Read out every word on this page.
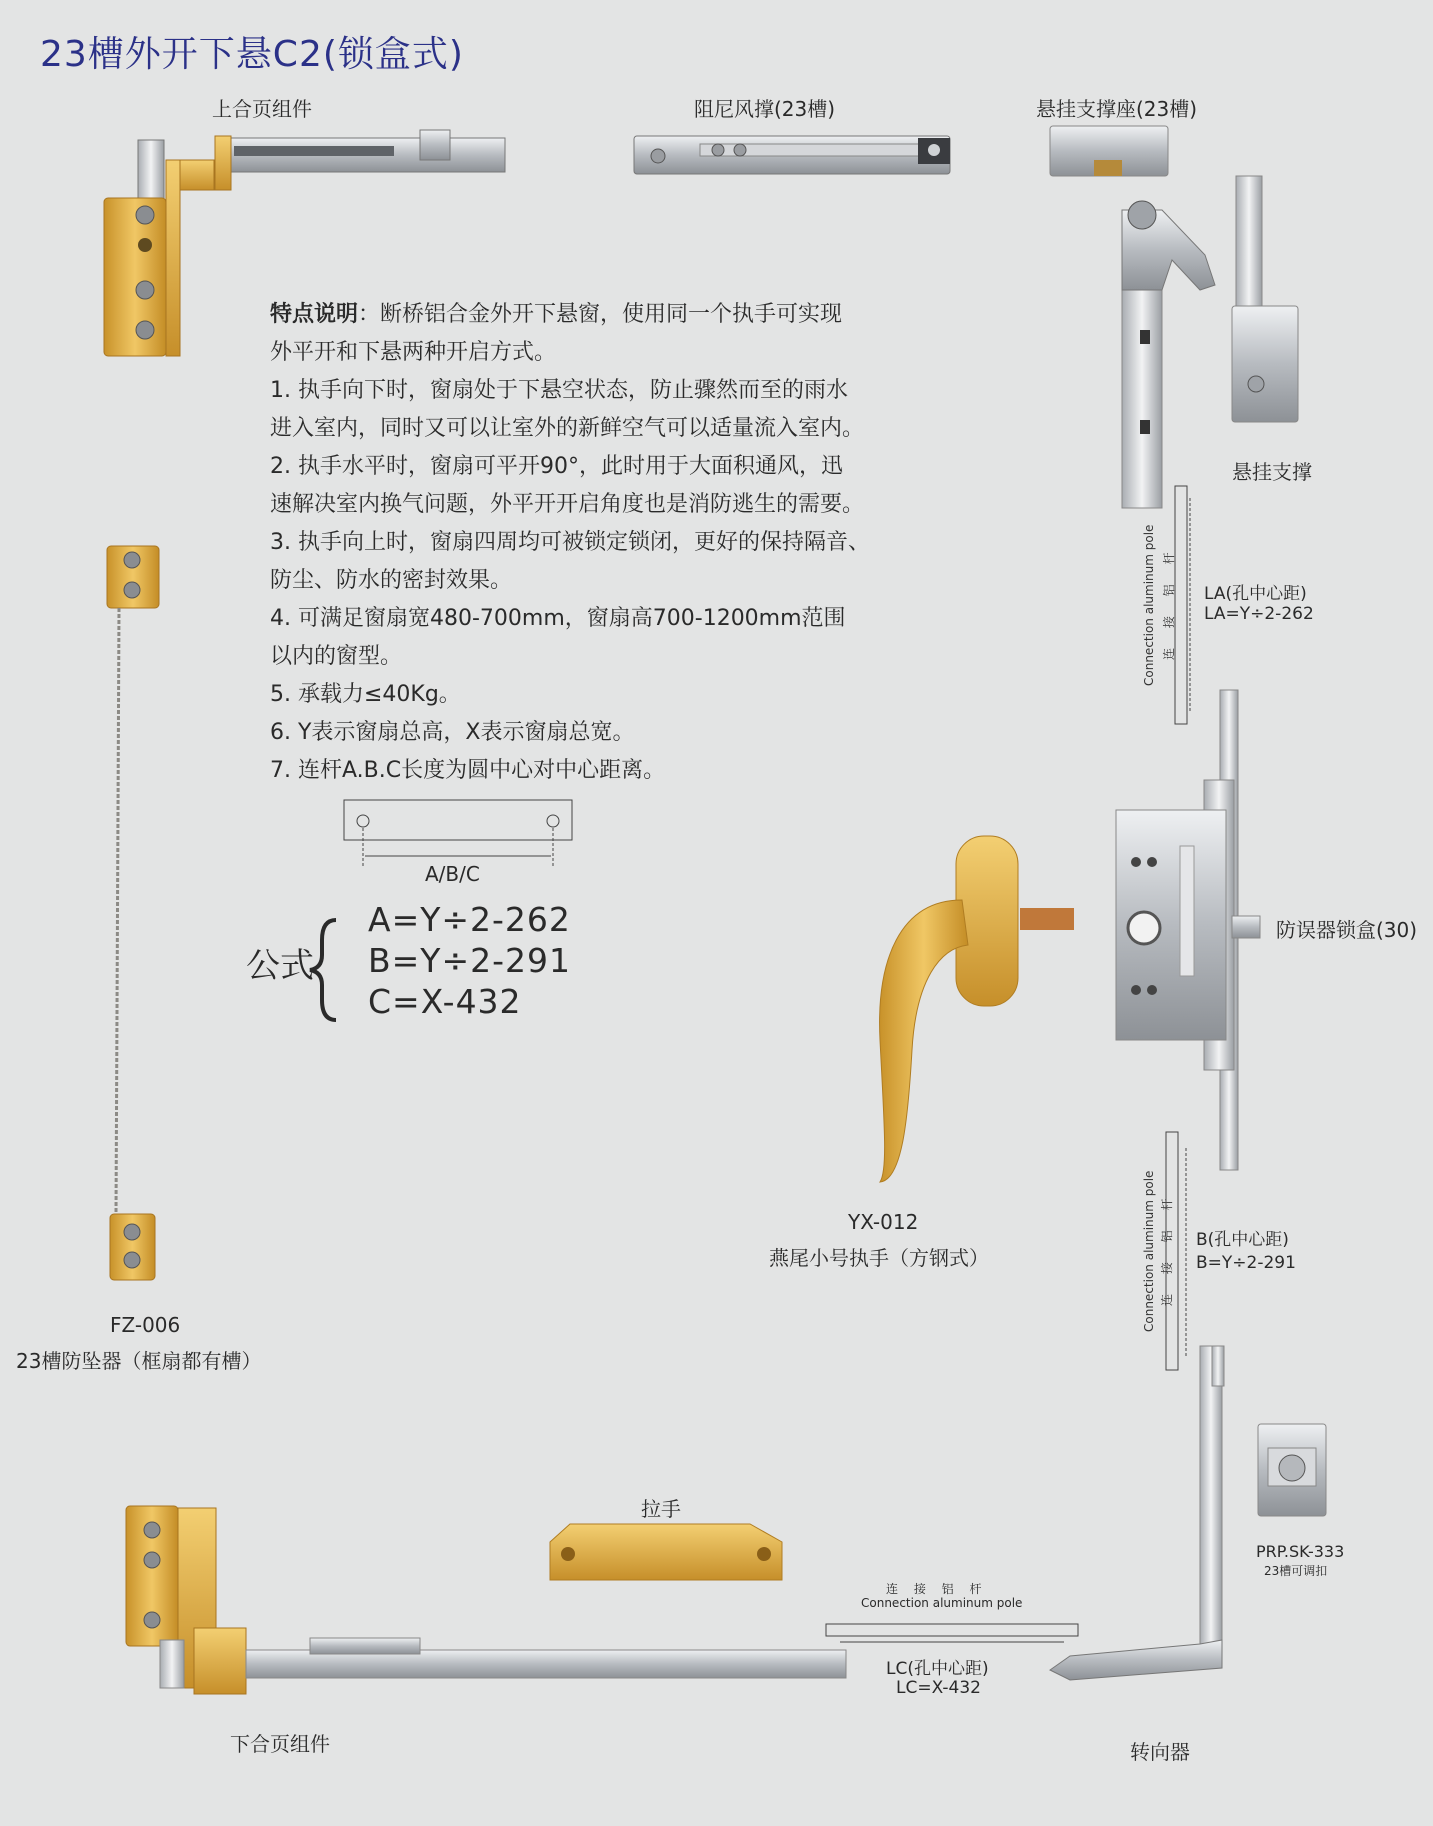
23槽外开下悬C2(锁盒式)
上合页组件	阻尼风撑(23槽)	悬挂支撑座(23槽)
悬挂支撑
FZ-006
23槽防坠器（框扇都有槽）
防误器锁盒(30)
YX-012
燕尾小号执手（方钢式）
拉手
下合页组件	转向器
PRP.SK-333
23槽可调扣

特点说明：断桥铝合金外开下悬窗，使用同一个执手可实现

外平开和下悬两种开启方式。

1. 执手向下时，窗扇处于下悬空状态，防止骤然而至的雨水

进入室内，同时又可以让室外的新鲜空气可以适量流入室内。

2. 执手水平时，窗扇可平开90°，此时用于大面积通风，迅

速解决室内换气问题，外平开开启角度也是消防逃生的需要。

3. 执手向上时，窗扇四周均可被锁定锁闭，更好的保持隔音、

防尘、防水的密封效果。

4. 可满足窗扇宽480-700mm，窗扇高700-1200mm范围

以内的窗型。

5. 承载力≤40Kg。

6. Y表示窗扇总高，X表示窗扇总宽。

7. 连杆A.B.C长度为圆中心对中心距离。

A/B/C
公式
A=Y÷2-262
B=Y÷2-291
C=X-432
LA(孔中心距)
LA=Y÷2-262
B(孔中心距)
B=Y÷2-291
LC(孔中心距)
LC=X-432
连 接 铝 杆
Connection aluminum pole
Connection aluminum pole 连 接 铝 杆
Connection aluminum pole 连 接 铝 杆
